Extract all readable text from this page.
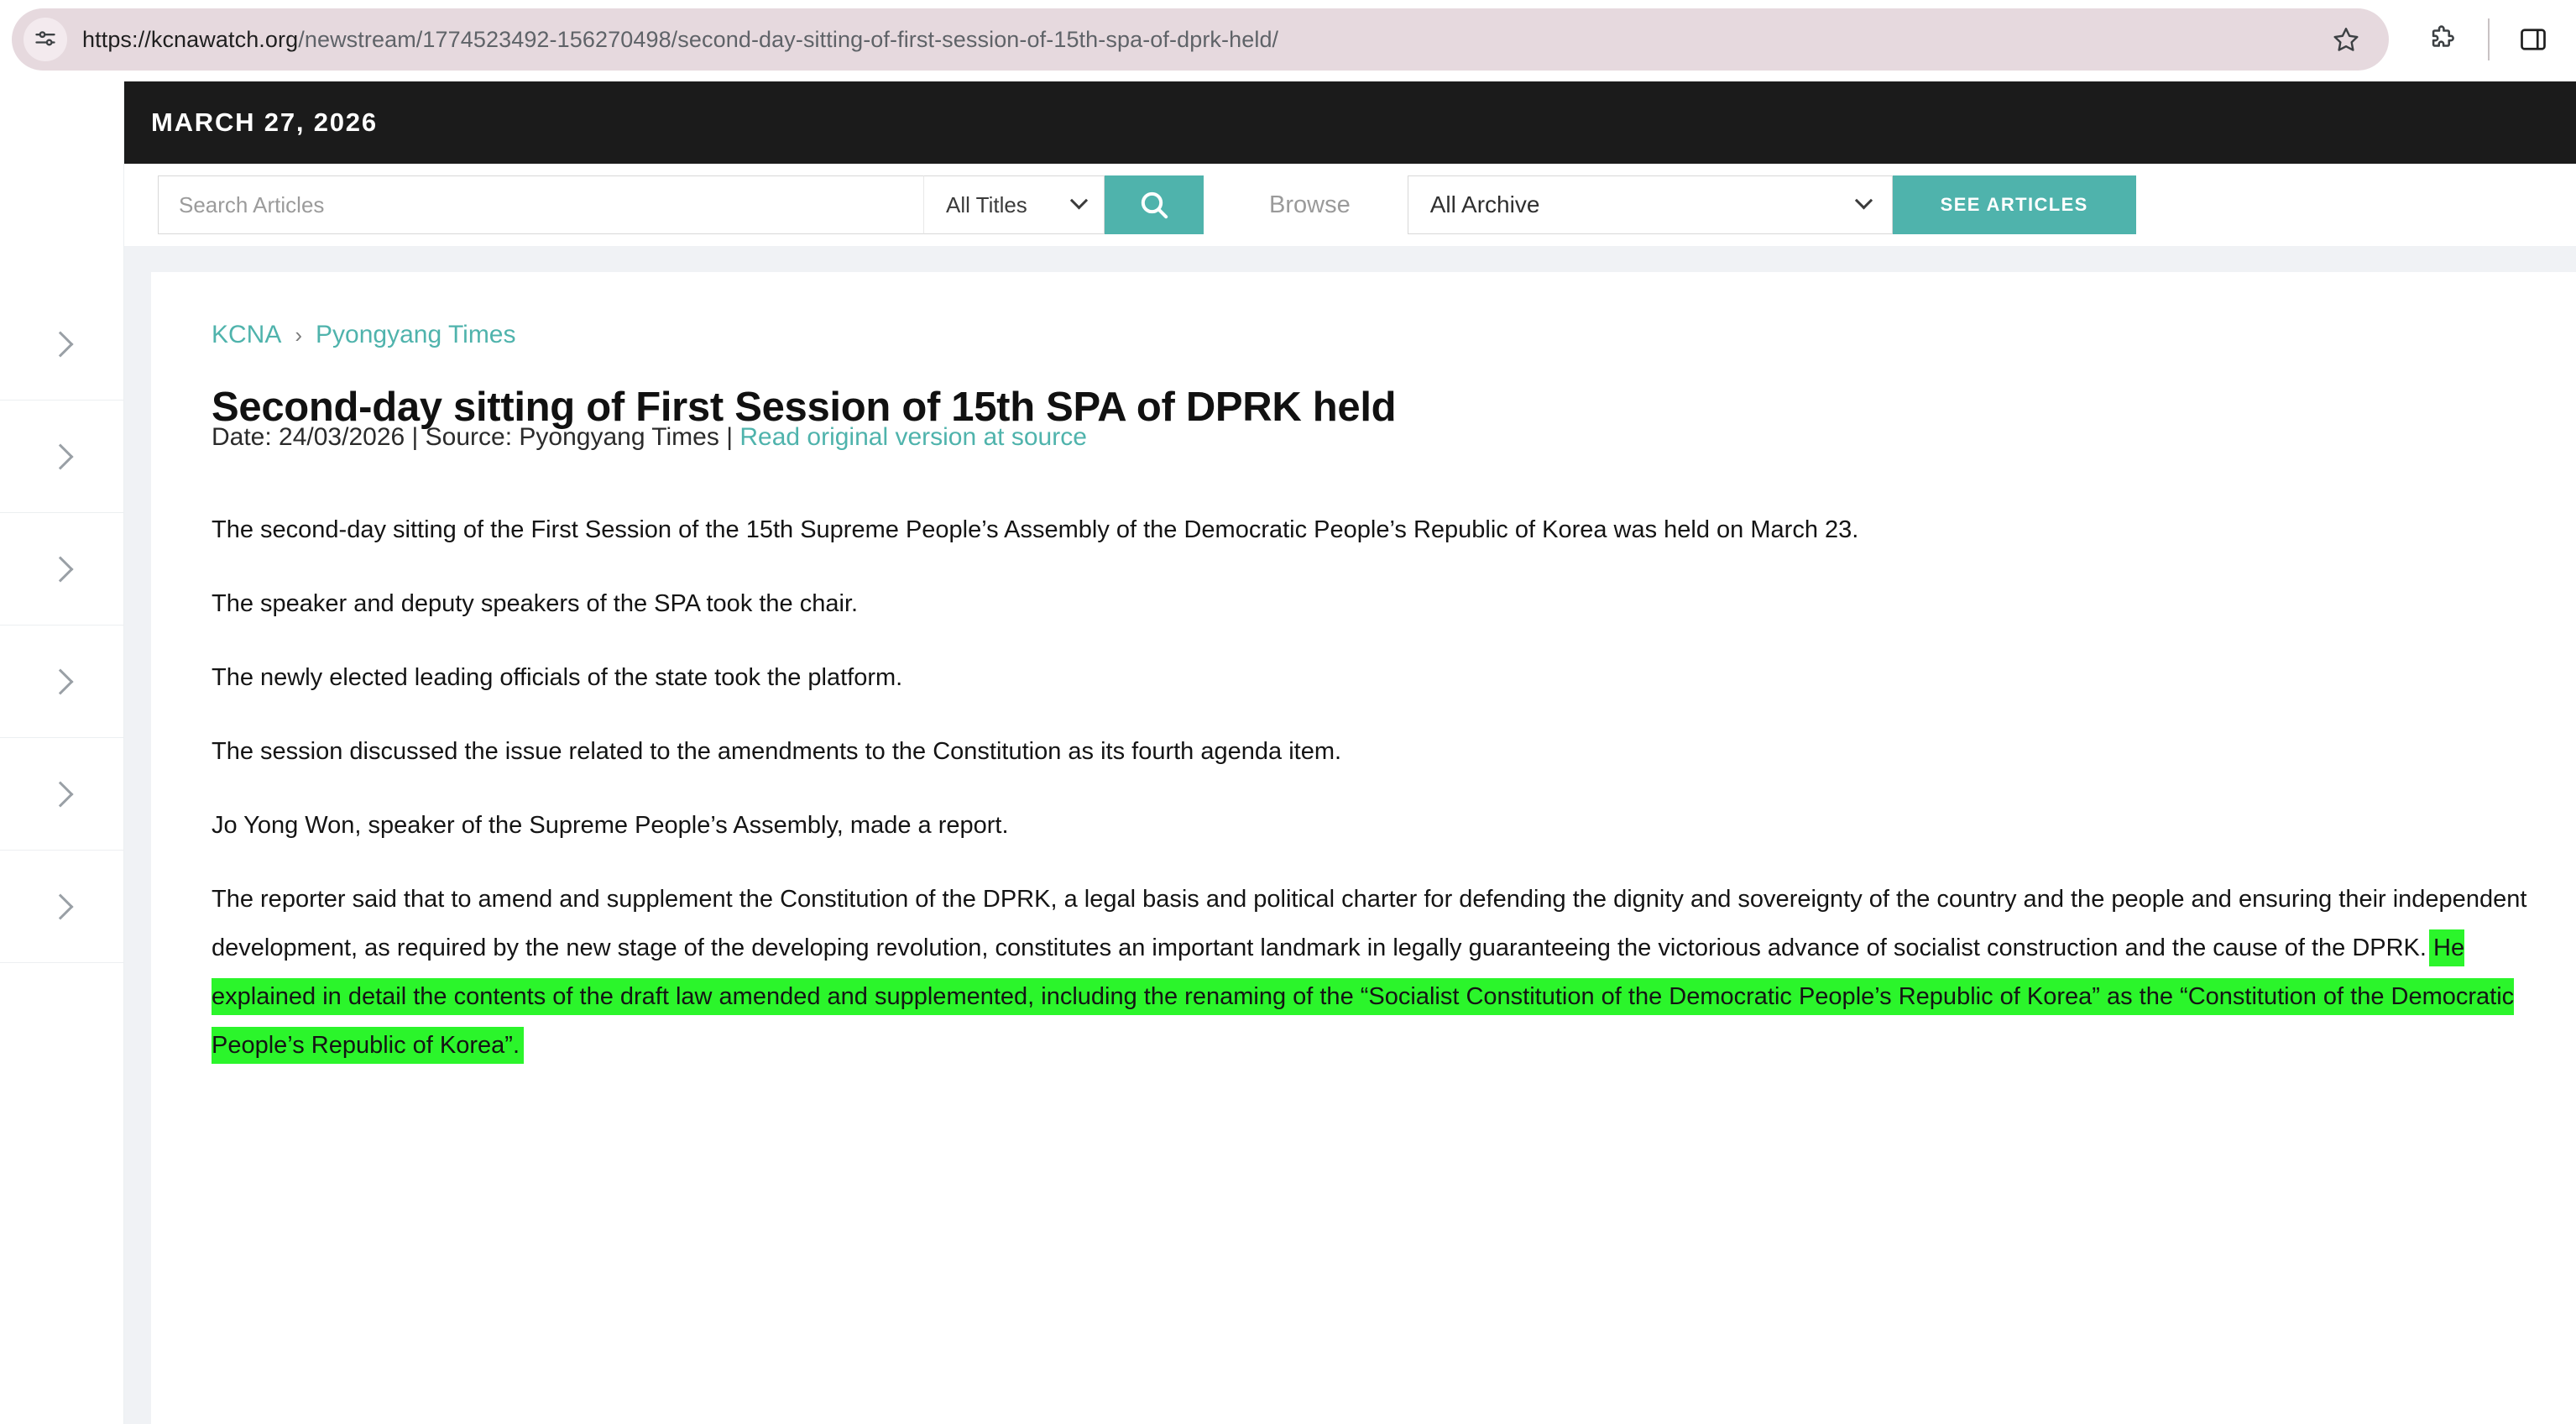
https://kcnawatch.org/newstream/1774523492-156270498/second-day-sitting-of-first-session-of-15th-spa-of-dprk-held/
MARCH 27, 2026
Search Articles
All Titles	Browse	All Archive	SEE ARTICLES
KCNA › Pyongyang Times
Second-day sitting of First Session of 15th SPA of DPRK held
Date: 24/03/2026 | Source: Pyongyang Times | Read original version at source

The second-day sitting of the First Session of the 15th Supreme People’s Assembly of the Democratic People’s Republic of Korea was held on March 23.

The speaker and deputy speakers of the SPA took the chair.

The newly elected leading officials of the state took the platform.

The session discussed the issue related to the amendments to the Constitution as its fourth agenda item.

Jo Yong Won, speaker of the Supreme People’s Assembly, made a report.

The reporter said that to amend and supplement the Constitution of the DPRK, a legal basis and political charter for defending the dignity and sovereignty of the country and the people and ensuring their independent development, as required by the new stage of the developing revolution, constitutes an important landmark in legally guaranteeing the victorious advance of socialist construction and the cause of the DPRK. He explained in detail the contents of the draft law amended and supplemented, including the renaming of the “Socialist Constitution of the Democratic People’s Republic of Korea” as the “Constitution of the Democratic People’s Republic of Korea”.
